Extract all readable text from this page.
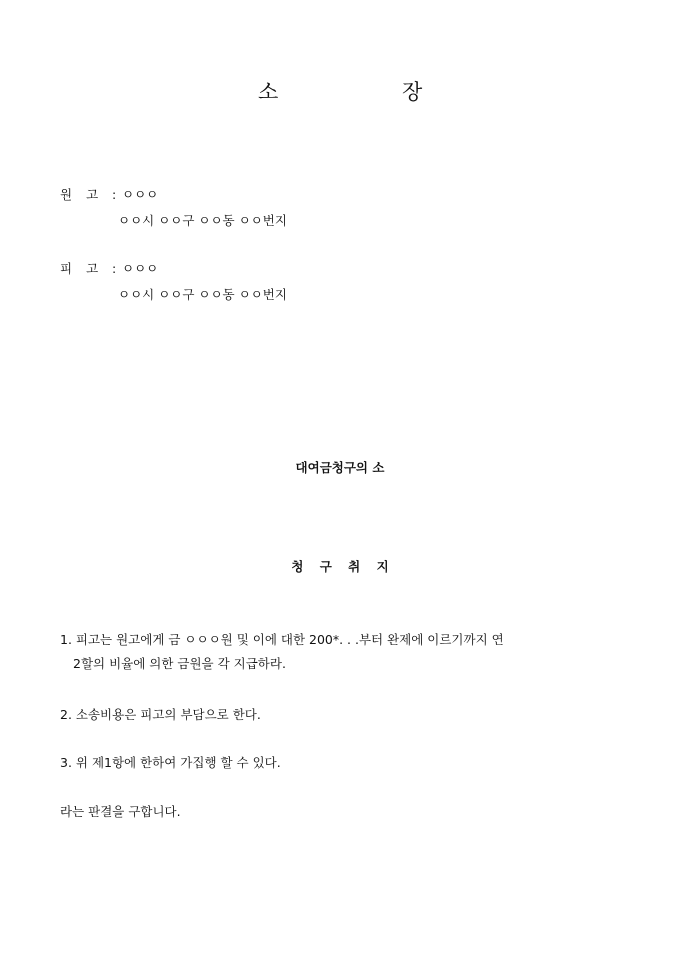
소	장
원 고 : ㅇㅇㅇ
ㅇㅇ시 ㅇㅇ구 ㅇㅇ동 ㅇㅇ번지
피 고 : ㅇㅇㅇ
ㅇㅇ시 ㅇㅇ구 ㅇㅇ동 ㅇㅇ번지
대여금청구의 소
청 구 취 지
1. 피고는 원고에게 금 ㅇㅇㅇ원 및 이에 대한 200*. . .부터 완제에 이르기까지 연
2할의 비율에 의한 금원을 각 지급하라.
2. 소송비용은 피고의 부담으로 한다.
3. 위 제1항에 한하여 가집행 할 수 있다.
라는 판결을 구합니다.
